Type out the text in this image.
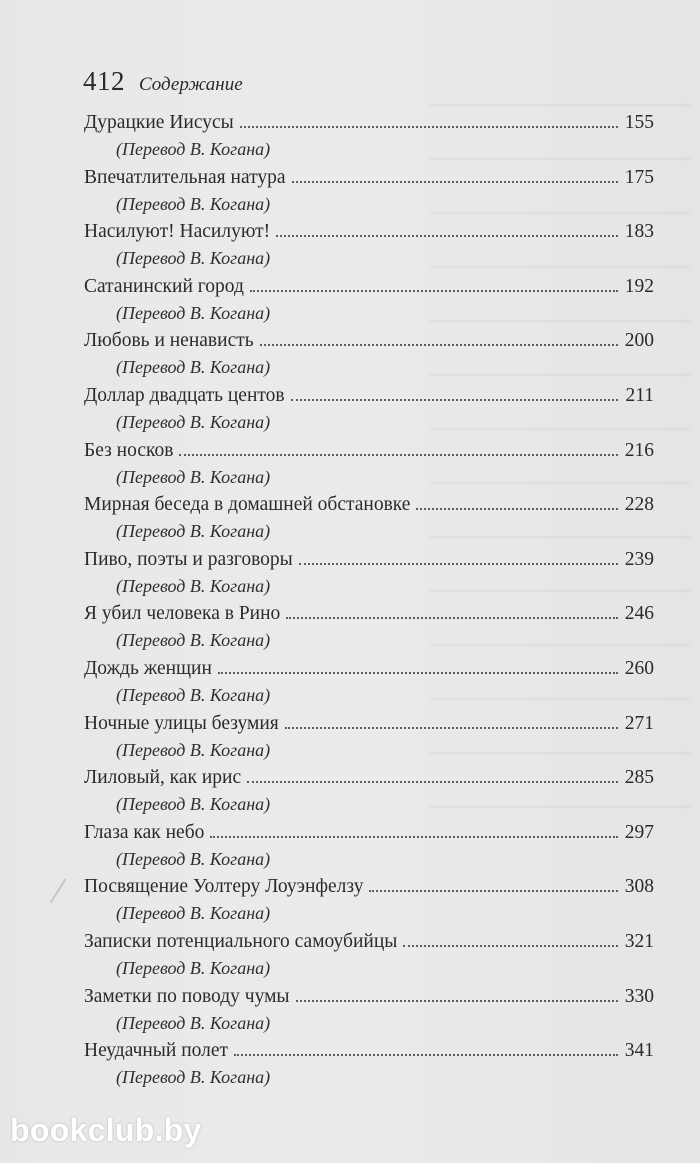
412 Содержание
Дурацкие Иисусы	155
(Перевод В. Когана)
Впечатлительная натура	175
(Перевод В. Когана)
Насилуют! Насилуют!	183
(Перевод В. Когана)
Сатанинский город	192
(Перевод В. Когана)
Любовь и ненависть	200
(Перевод В. Когана)
Доллар двадцать центов	211
(Перевод В. Когана)
Без носков	216
(Перевод В. Когана)
Мирная беседа в домашней обстановке	228
(Перевод В. Когана)
Пиво, поэты и разговоры	239
(Перевод В. Когана)
Я убил человека в Рино	246
(Перевод В. Когана)
Дождь женщин	260
(Перевод В. Когана)
Ночные улицы безумия	271
(Перевод В. Когана)
Лиловый, как ирис	285
(Перевод В. Когана)
Глаза как небо	297
(Перевод В. Когана)
Посвящение Уолтеру Лоуэнфелзу	308
(Перевод В. Когана)
Записки потенциального самоубийцы	321
(Перевод В. Когана)
Заметки по поводу чумы	330
(Перевод В. Когана)
Неудачный полет	341
(Перевод В. Когана)
bookclub.by
